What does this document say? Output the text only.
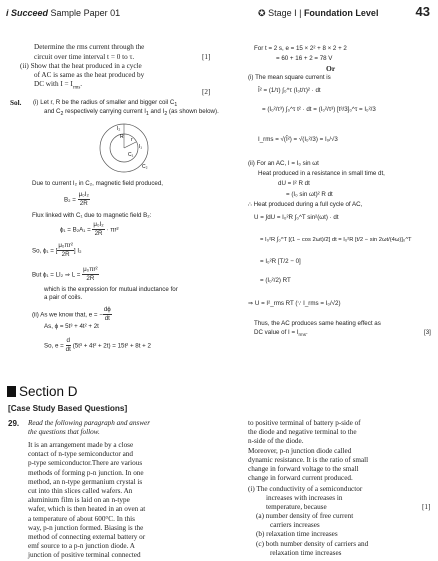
i Succeed Sample Paper 01	✪ Stage I | Foundation Level	43
Determine the rms current through the
circuit over time interval t = 0 to τ.	[1]
(ii) Show that the heat produced in a cycle
of AC is same as the heat produced by
DC with $I = I_{rms}$.
[2]
Sol. (i) Let r, R be the radius of smaller and bigger coil $C_1$
and $C_2$ respectively carrying current $I_1$ and $I_2$ (as shown below).
I₂
r
R
I₁
C₁
C₂
Due to current I₂ in C₂, magnetic field produced,
$B_2 = \frac{\text{μ₀I₂}}{2R}$
Flux linked with C₁ due to magnetic field B₂:
$\phi_1 = B_2A_1 = \frac{\text{μ₀I₂}}{2R} \cdot \pi r^2$
So, ϕ₁ = [ $\frac{\text{μ₀πr²}}{2R}$ ] I₂
But ϕ₁ = LI₂ ⇒ $L = \frac{\text{μ₀πr²}}{2R}$
which is the expression for mutual inductance for
a pair of coils.
(ii) As we know that, e = − $\frac{d\phi}{dt}$
As, ϕ = 5t³ + 4t² + 2t
So, $e = \frac{d}{dt} (5t^3 + 4t^2 + 2t) = 15t^2 + 8t + 2$
For t = 2 s, e = 15 × 2² + 8 × 2 + 2
= 60 + 16 + 2 = 78 V
Or
(i) The mean square current is
Ī² = (1/τ) ∫₀^τ (I₀t/τ)² · dt
= (I₀²/τ³) ∫₀^τ t² · dt = (I₀²/τ³) [t³/3]₀^τ = I₀²/3
I_rms = √(Ī²) = √(I₀²/3) = I₀/√3
(ii) For an AC, I = I₀ sin ωt
Heat produced in a resistance in small time dt,
dU = I² R dt
= (I₀ sin ωt)² R dt
∴ Heat produced during a full cycle of AC,
U = ∫dU = I₀²R ∫₀^T sin²(ωt) · dt
= I₀²R ∫₀^T [(1 − cos 2ωt)/2] dt = I₀²R [t/2 − sin 2ωt/(4ω)]₀^T
= I₀²R [T/2 − 0]
= (I₀²/2) RT
⇒ U = I²_rms RT (∵ I_rms = I₀/√2)
Thus, the AC produces same heating effect as
DC value of $I = I_{rms}$.	[3]
Section D
[Case Study Based Questions]
29. Read the following paragraph and answer
the questions that follow.
It is an arrangement made by a close
contact of n-type semiconductor and
p-type semiconductor.There are various
methods of forming p-n junction. In one
method, an n-type germanium crystal is
cut into thin slices called wafers. An
aluminium film is laid on an n-type
wafer, which is then heated in an oven at
a temperature of about 600°C. In this
way, p-n junction formed. Biasing is the
method of connecting external battery or
emf source to a p-n junction diode. A
junction of positive terminal connected
to positive terminal of battery p-side of
the diode and negative terminal to the
n-side of the diode.
Moreover, p-n junction diode called
dynamic resistance. It is the ratio of small
change in forward voltage to the small
change in forward current produced.
(i) The conductivity of a semiconductor
increases with increases in
temperature, because	[1]
(a) number density of free current
carriers increases
(b) relaxation time increases
(c) both number density of carriers and
relaxation time increases
